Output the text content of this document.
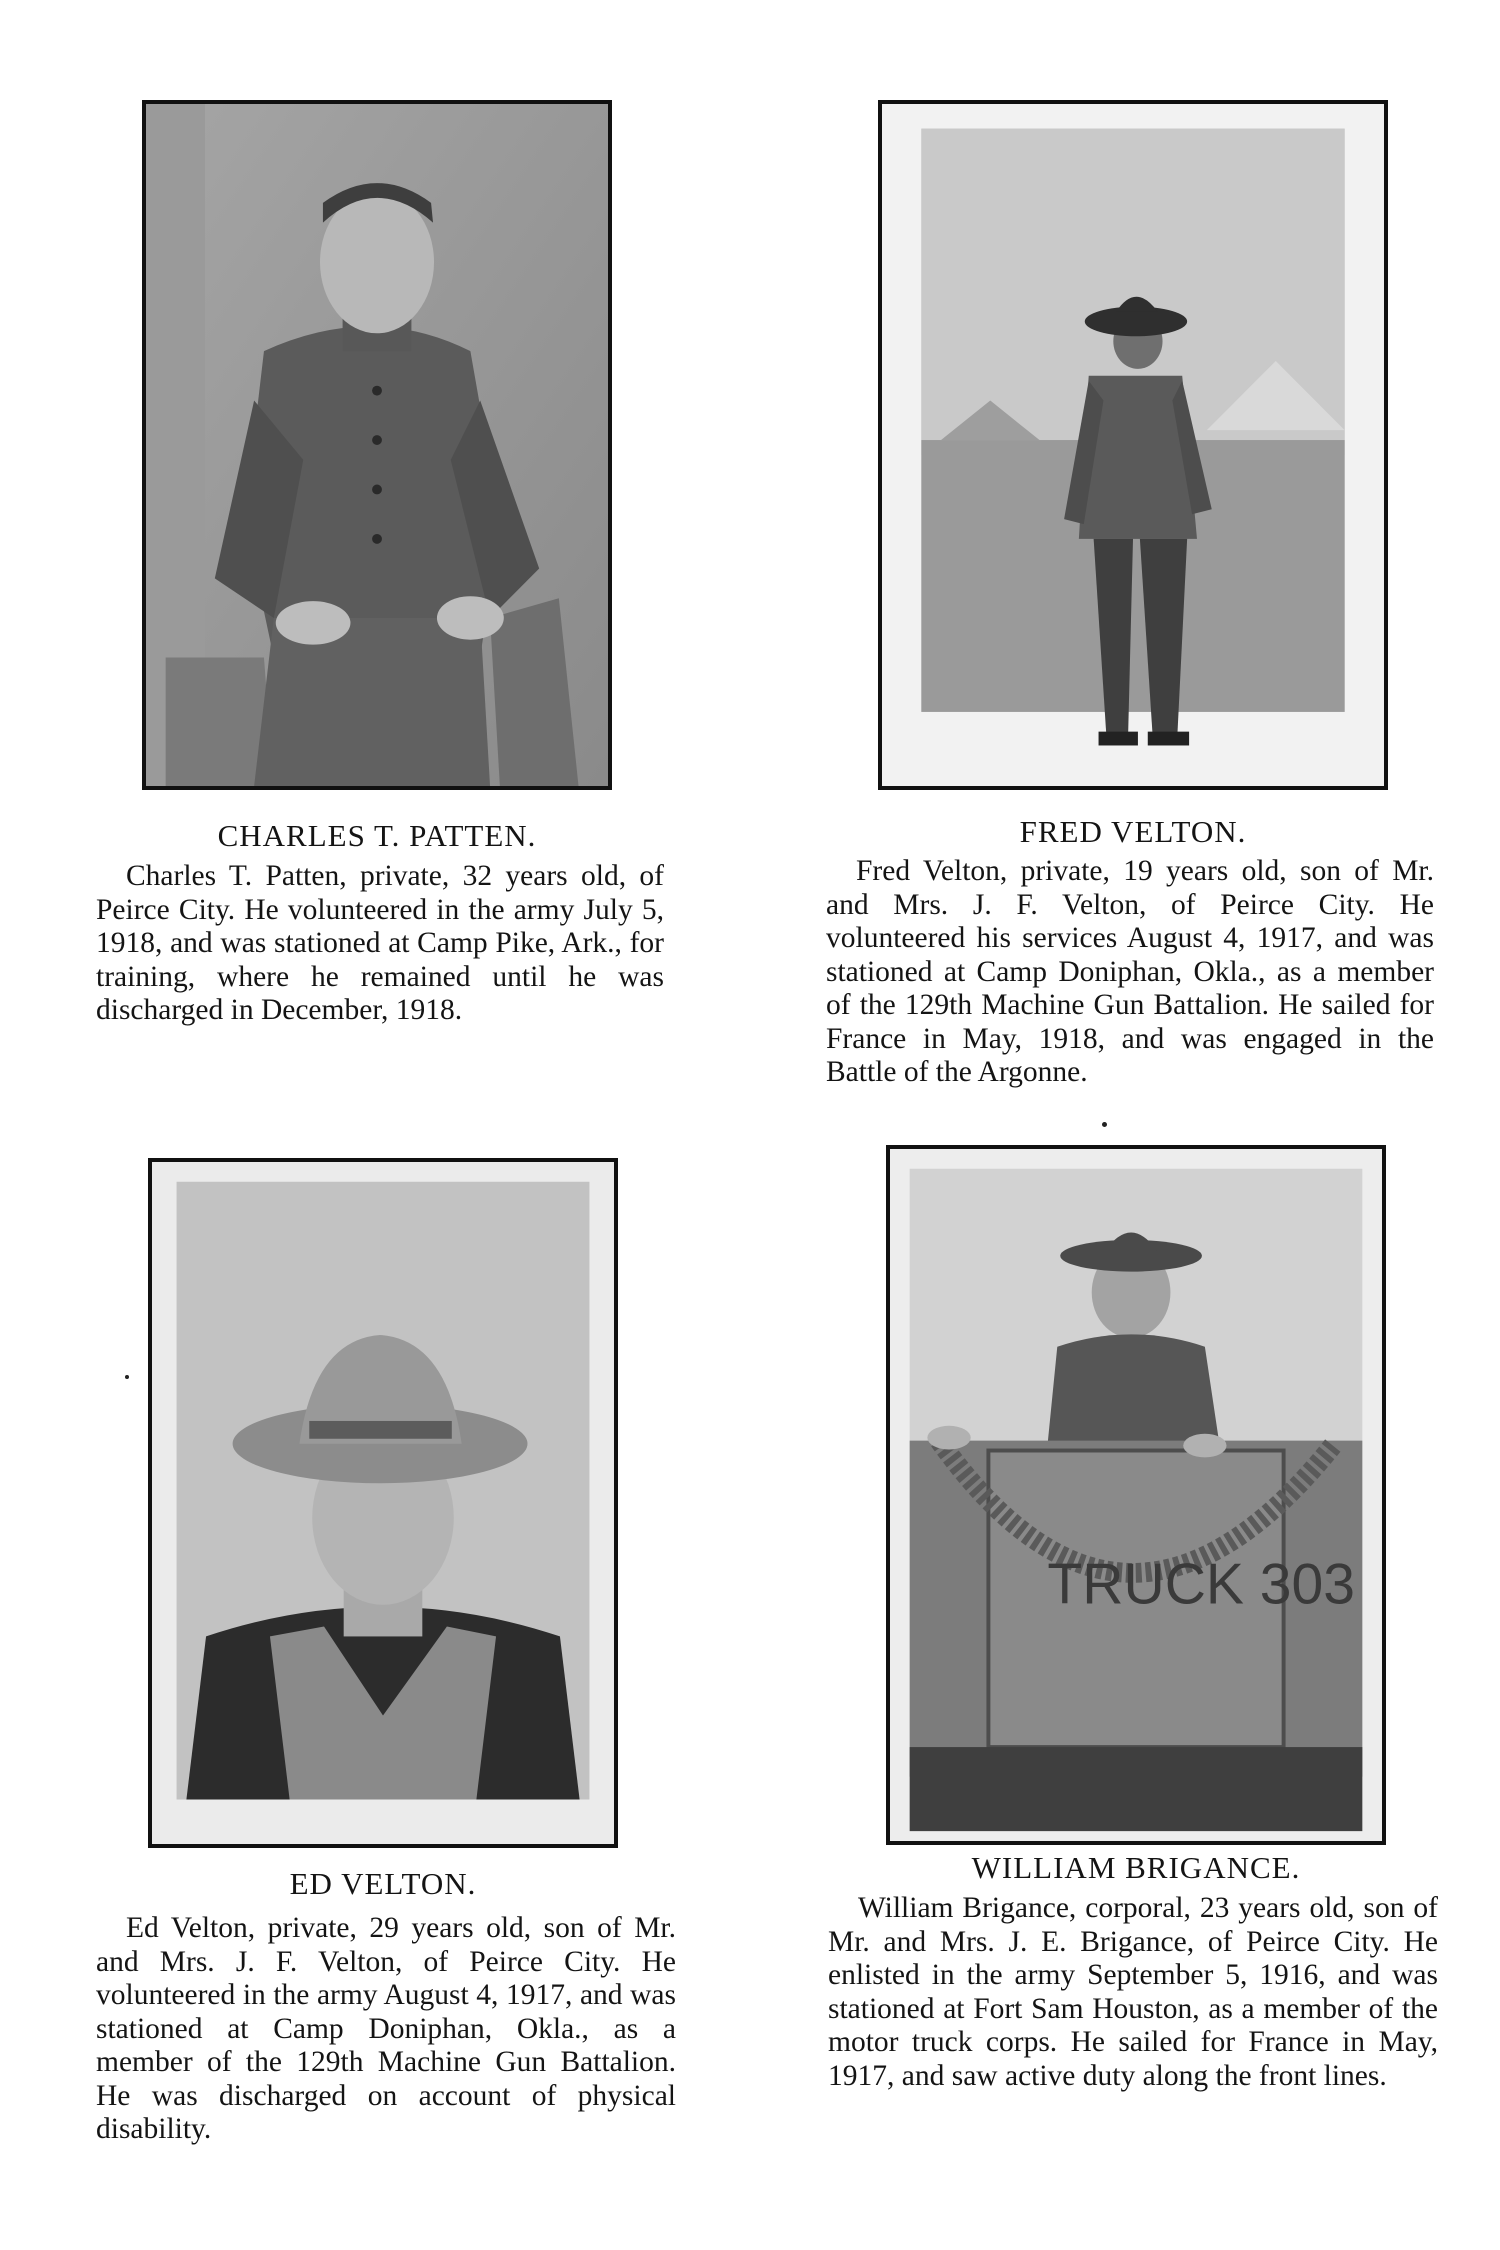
TRUCK 303
CHARLES T. PATTEN.

Charles T. Patten, private, 32 years old, of Peirce City. He volunteered in the army July 5, 1918, and was stationed at Camp Pike, Ark., for training, where he remained until he was discharged in December, 1918.

FRED VELTON.

Fred Velton, private, 19 years old, son of Mr. and Mrs. J. F. Velton, of Peirce City. He volunteered his services August 4, 1917, and was stationed at Camp Doniphan, Okla., as a member of the 129th Machine Gun Battalion. He sailed for France in May, 1918, and was engaged in the Battle of the Argonne.

ED VELTON.

Ed Velton, private, 29 years old, son of Mr. and Mrs. J. F. Velton, of Peirce City. He volunteered in the army August 4, 1917, and was stationed at Camp Doniphan, Okla., as a member of the 129th Machine Gun Battalion. He was discharged on account of physical disability.

WILLIAM BRIGANCE.

William Brigance, corporal, 23 years old, son of Mr. and Mrs. J. E. Brigance, of Peirce City. He enlisted in the army September 5, 1916, and was stationed at Fort Sam Houston, as a member of the motor truck corps. He sailed for France in May, 1917, and saw active duty along the front lines.
